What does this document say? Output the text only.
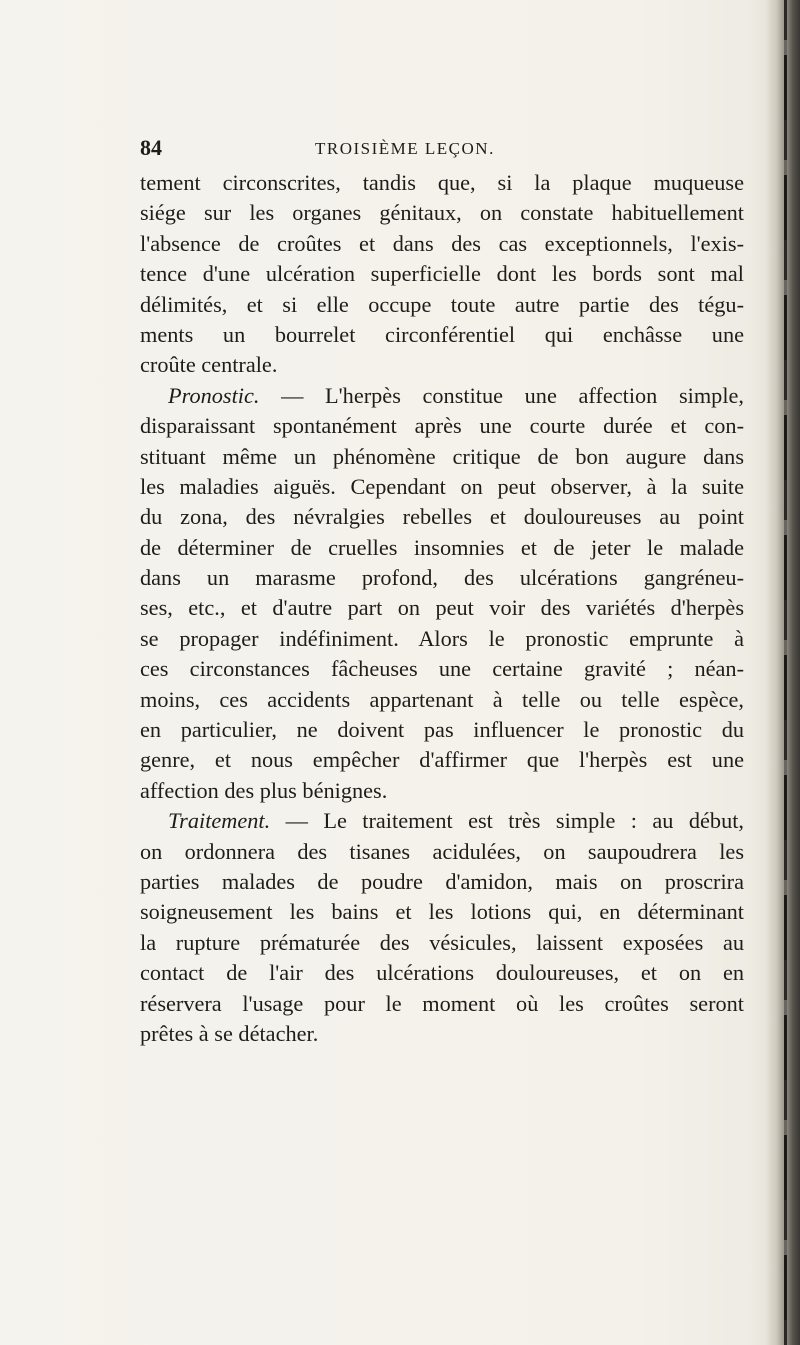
84	TROISIÈME LEÇON.
tement circonscrites, tandis que, si la plaque muqueuse
siége sur les organes génitaux, on constate habituellement
l'absence de croûtes et dans des cas exceptionnels, l'exis-
tence d'une ulcération superficielle dont les bords sont mal
délimités, et si elle occupe toute autre partie des tégu-
ments un bourrelet circonférentiel qui enchâsse une
croûte centrale.
Pronostic. — L'herpès constitue une affection simple,
disparaissant spontanément après une courte durée et con-
stituant même un phénomène critique de bon augure dans
les maladies aiguës. Cependant on peut observer, à la suite
du zona, des névralgies rebelles et douloureuses au point
de déterminer de cruelles insomnies et de jeter le malade
dans un marasme profond, des ulcérations gangréneu-
ses, etc., et d'autre part on peut voir des variétés d'herpès
se propager indéfiniment. Alors le pronostic emprunte à
ces circonstances fâcheuses une certaine gravité ; néan-
moins, ces accidents appartenant à telle ou telle espèce,
en particulier, ne doivent pas influencer le pronostic du
genre, et nous empêcher d'affirmer que l'herpès est une
affection des plus bénignes.
Traitement. — Le traitement est très simple : au début,
on ordonnera des tisanes acidulées, on saupoudrera les
parties malades de poudre d'amidon, mais on proscrira
soigneusement les bains et les lotions qui, en déterminant
la rupture prématurée des vésicules, laissent exposées au
contact de l'air des ulcérations douloureuses, et on en
réservera l'usage pour le moment où les croûtes seront
prêtes à se détacher.
